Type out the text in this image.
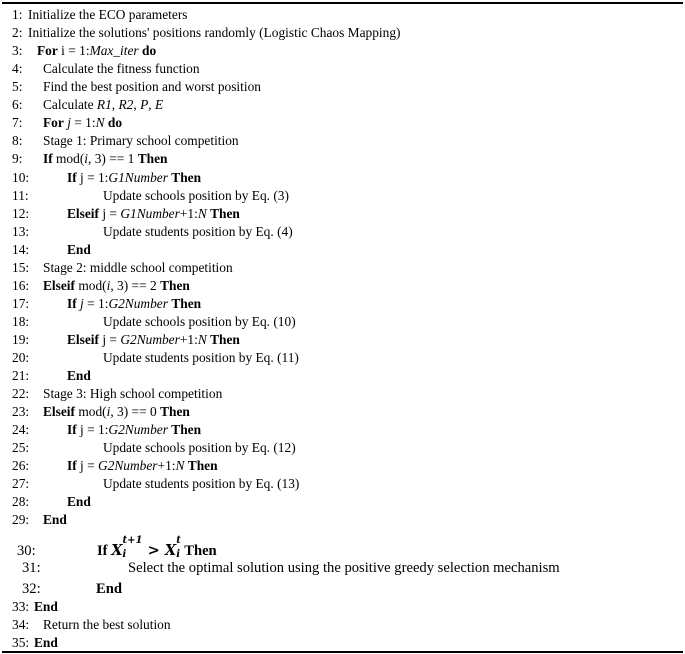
1: Initialize the ECO parameters
2: Initialize the solutions' positions randomly (Logistic Chaos Mapping)
3: For i = 1:Max_iter do
4: Calculate the fitness function
5: Find the best position and worst position
6: Calculate R1, R2, P, E
7: For j = 1:N do
8: Stage 1: Primary school competition
9: If mod(i, 3) == 1 Then
10:	If j = 1:G1Number Then
11:	Update schools position by Eq. (3)
12:	Elseif j = G1Number+1:N Then
13:	Update students position by Eq. (4)
14:	End
15: Stage 2: middle school competition
16: Elseif mod(i, 3) == 2 Then
17:	If j = 1:G2Number Then
18:	Update schools position by Eq. (10)
19:	Elseif j = G2Number+1:N Then
20:	Update students position by Eq. (11)
21:	End
22: Stage 3: High school competition
23: Elseif mod(i, 3) == 0 Then
24:	If j = 1:G2Number Then
25:	Update schools position by Eq. (12)
26:	If j = G2Number+1:N Then
27:	Update students position by Eq. (13)
28:	End
29: End
30:	If $X^{t+1}$
$i > X^t$
i Then
31:	Select the optimal solution using the positive greedy selection mechanism
32:	End
33: End
34: Return the best solution
35: End
